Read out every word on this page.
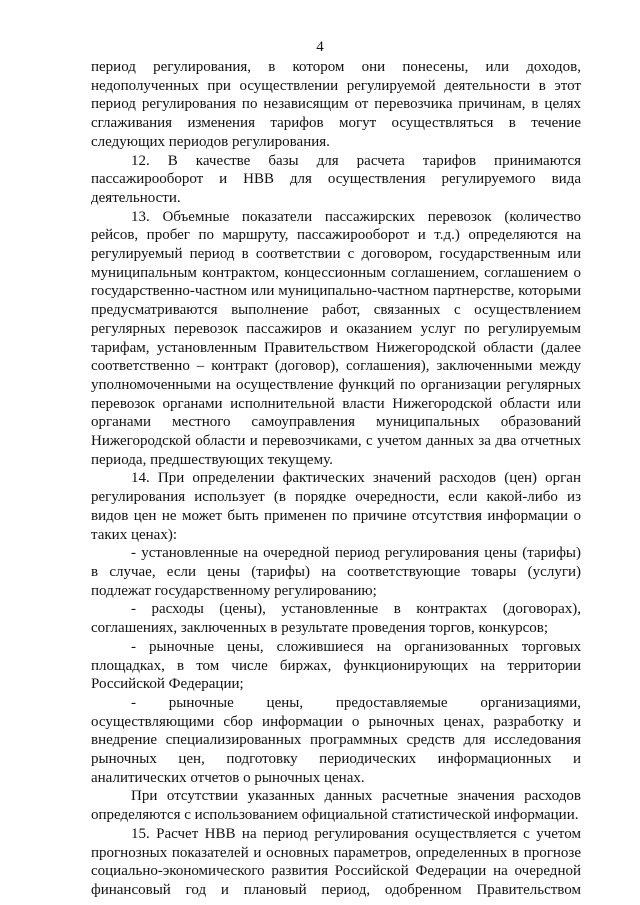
4

период регулирования, в котором они понесены, или доходов, недополученных при осуществлении регулируемой деятельности в этот период регулирования по независящим от перевозчика причинам, в целях сглаживания изменения тарифов могут осуществляться в течение следующих периодов регулирования.

12. В качестве базы для расчета тарифов принимаются пассажирооборот и НВВ для осуществления регулируемого вида деятельности.

13. Объемные показатели пассажирских перевозок (количество рейсов, пробег по маршруту, пассажирооборот и т.д.) определяются на регулируемый период в соответствии с договором, государственным или муниципальным контрактом, концессионным соглашением, соглашением о государственно-частном или муниципально-частном партнерстве, которыми предусматриваются выполнение работ, связанных с осуществлением регулярных перевозок пассажиров и оказанием услуг по регулируемым тарифам, установленным Правительством Нижегородской области (далее соответственно – контракт (договор), соглашения), заключенными между уполномоченными на осуществление функций по организации регулярных перевозок органами исполнительной власти Нижегородской области или органами местного самоуправления муниципальных образований Нижегородской области и перевозчиками, с учетом данных за два отчетных периода, предшествующих текущему.

14. При определении фактических значений расходов (цен) орган регулирования использует (в порядке очередности, если какой-либо из видов цен не может быть применен по причине отсутствия информации о таких ценах):

- установленные на очередной период регулирования цены (тарифы) в случае, если цены (тарифы) на соответствующие товары (услуги) подлежат государственному регулированию;

- расходы (цены), установленные в контрактах (договорах), соглашениях, заключенных в результате проведения торгов, конкурсов;

- рыночные цены, сложившиеся на организованных торговых площадках, в том числе биржах, функционирующих на территории Российской Федерации;

- рыночные цены, предоставляемые организациями, осуществляющими сбор информации о рыночных ценах, разработку и внедрение специализированных программных средств для исследования рыночных цен, подготовку периодических информационных и аналитических отчетов о рыночных ценах.

При отсутствии указанных данных расчетные значения расходов определяются с использованием официальной статистической информации.

15. Расчет НВВ на период регулирования осуществляется с учетом прогнозных показателей и основных параметров, определенных в прогнозе социально-экономического развития Российской Федерации на очередной финансовый год и плановый период, одобренном Правительством
